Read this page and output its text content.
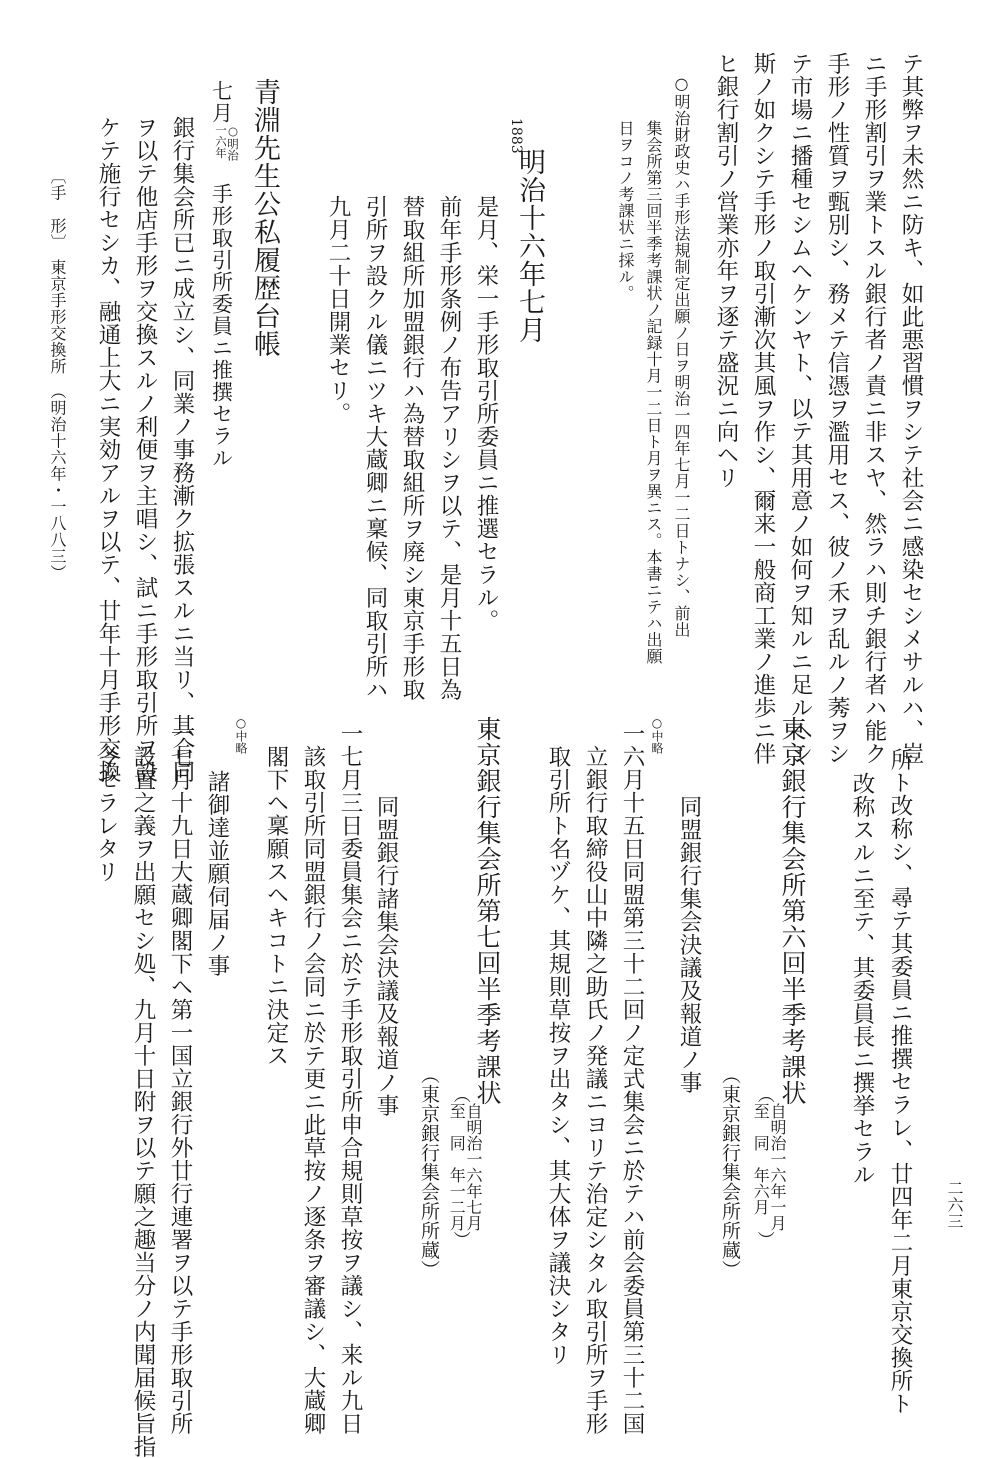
テ其弊ヲ未然ニ防キ、如此悪習慣ヲシテ社会ニ感染セシメサルハ、豈
ニ手形割引ヲ業トスル銀行者ノ責ニ非スヤ、然ラハ則チ銀行者ハ能ク
手形ノ性質ヲ甄別シ、務メテ信憑ヲ濫用セス、彼ノ禾ヲ乱ルノ莠ヲシ
テ市場ニ播種セシムヘケンヤト、以テ其用意ノ如何ヲ知ルニ足ルヘシ
斯ノ如クシテ手形ノ取引漸次其風ヲ作シ、爾来一般商工業ノ進歩ニ伴
ヒ銀行割引ノ営業亦年ヲ逐テ盛況ニ向ヘリ
○明治財政史ハ手形法規制定出願ノ日ヲ明治一四年七月一二日トナシ、前出
集会所第三回半季考課状ノ記録十月一二日ト月ヲ異ニス。本書ニテハ出願
日ヲコノ考課状ニ採ル。
1883
明治十六年七月
是月、栄一手形取引所委員ニ推選セラル。
前年手形条例ノ布告アリシヲ以テ、是月十五日為
替取組所加盟銀行ハ為替取組所ヲ廃シ東京手形取
引所ヲ設クル儀ニツキ大蔵卿ニ稟候、同取引所ハ
九月二十日開業セリ。
青淵先生公私履歴台帳
七月○明治
一六年　手形取引所委員ニ推撰セラル
銀行集会所已ニ成立シ、同業ノ事務漸ク拡張スルニ当リ、其合同
ヲ以テ他店手形ヲ交換スルノ利便ヲ主唱シ、試ニ手形取引所ヲ設
ケテ施行セシカ、融通上大ニ実効アルヲ以テ、廿年十月手形交換
〔手　形〕　東京手形交換所　（明治十六年・一八八三）
所ト改称シ、尋テ其委員ニ推撰セラレ、廿四年二月東京交換所ト
改称スルニ至テ、其委員長ニ撰挙セラル
東京銀行集会所第六回半季考課状
（自明治一六年一月
至　同　年六月）
（東京銀行集会所所蔵）
同盟銀行集会決議及報道ノ事
○中略
一六月十五日同盟第三十二回ノ定式集会ニ於テハ前会委員第三十二国
立銀行取締役山中隣之助氏ノ発議ニヨリテ治定シタル取引所ヲ手形
取引所ト名ヅケ、其規則草按ヲ出タシ、其大体ヲ議決シタリ
東京銀行集会所第七回半季考課状
（自明治一六年七月
至　同　年一二月）
（東京銀行集会所所蔵）
同盟銀行諸集会決議及報道ノ事
一七月三日委員集会ニ於テ手形取引所申合規則草按ヲ議シ、来ル九日
該取引所同盟銀行ノ会同ニ於テ更ニ此草按ノ逐条ヲ審議シ、大蔵卿
閣下ヘ稟願スヘキコトニ決定ス
○中略
諸御達並願伺届ノ事
一七月十九日大蔵卿閣下ヘ第一国立銀行外廿行連署ヲ以テ手形取引所
設置之義ヲ出願セシ処、九月十日附ヲ以テ願之趣当分ノ内聞届候旨指
令セラレタリ
二六三
